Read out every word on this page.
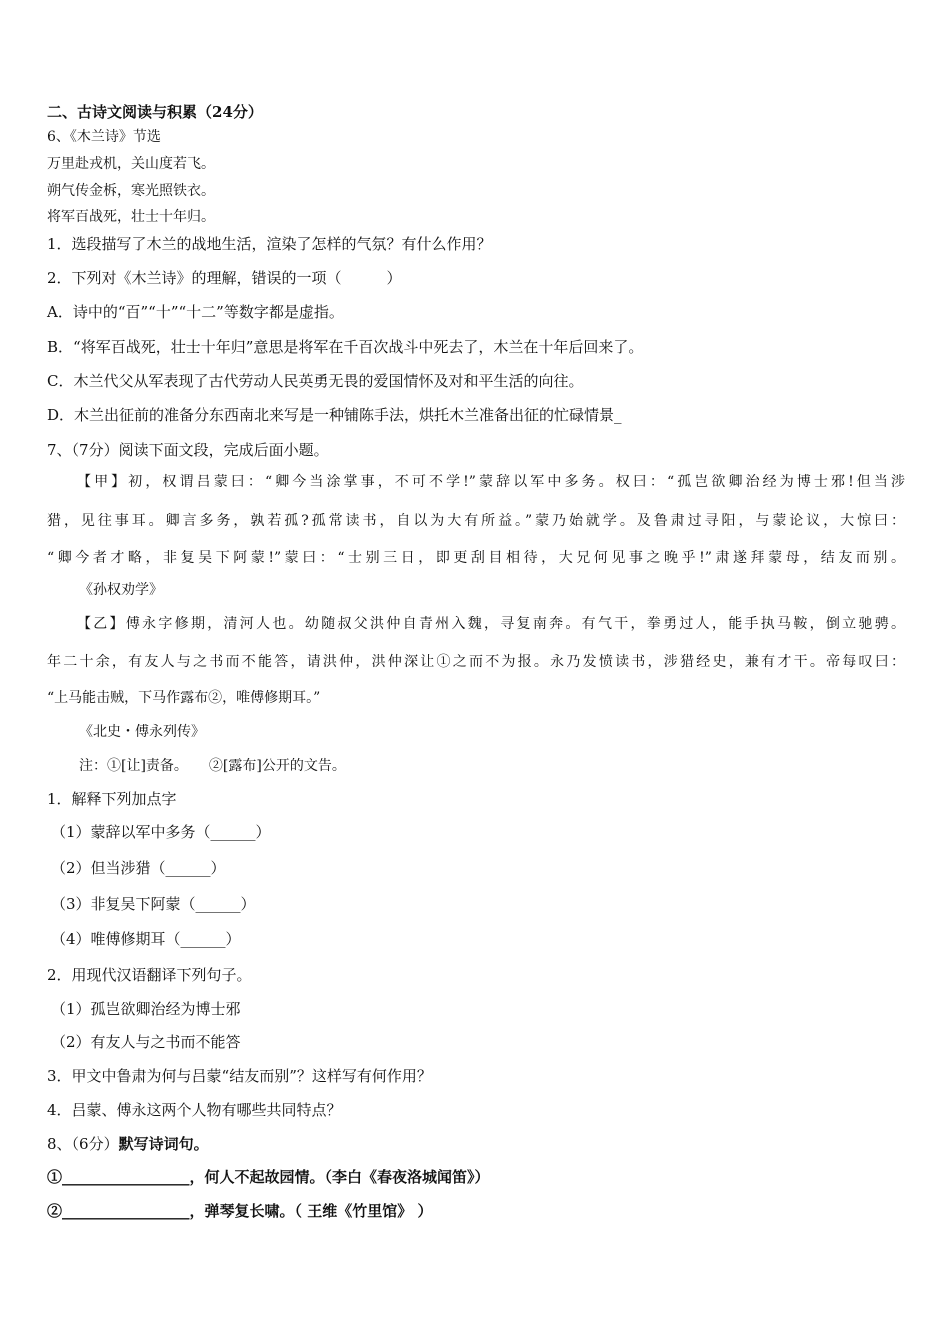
二、古诗文阅读与积累（24分）
6、《木兰诗》节选
万里赴戎机，关山度若飞。
朔气传金柝，寒光照铁衣。
将军百战死，壮士十年归。
1．选段描写了木兰的战地生活，渲染了怎样的气氛？有什么作用？
2．下列对《木兰诗》的理解，错误的一项（　　　）
A．诗中的“百”“十”“十二”等数字都是虚指。
B．“将军百战死，壮士十年归”意思是将军在千百次战斗中死去了，木兰在十年后回来了。
C．木兰代父从军表现了古代劳动人民英勇无畏的爱国情怀及对和平生活的向往。
D．木兰出征前的准备分东西南北来写是一种铺陈手法，烘托木兰准备出征的忙碌情景_
7、（7分）阅读下面文段，完成后面小题。
【甲】初，权谓吕蒙曰：“卿今当涂掌事，不可不学!”蒙辞以军中多务。权曰：“孤岂欲卿治经为博士邪!但当涉
猎，见往事耳。卿言多务，孰若孤?孤常读书，自以为大有所益。”蒙乃始就学。及鲁肃过寻阳，与蒙论议，大惊曰：
“卿今者才略，非复吴下阿蒙!”蒙曰：“士别三日，即更刮目相待，大兄何见事之晚乎!”肃遂拜蒙母，结友而别。
《孙权劝学》
【乙】傅永字修期，清河人也。幼随叔父洪仲自青州入魏，寻复南奔。有气干，拳勇过人，能手执马鞍，倒立驰骋。
年二十余，有友人与之书而不能答，请洪仲，洪仲深让①之而不为报。永乃发愤读书，涉猎经史，兼有才干。帝每叹曰：
“上马能击贼，下马作露布②，唯傅修期耳。”
《北史・傅永列传》
注：①[让]责备。　　②[露布]公开的文告。
1．解释下列加点字
（1）蒙辞以军中多务（______）
（2）但当涉猎（______）
（3）非复吴下阿蒙（______）
（4）唯傅修期耳（______）
2．用现代汉语翻译下列句子。
（1）孤岂欲卿治经为博士邪
（2）有友人与之书而不能答
3．甲文中鲁肃为何与吕蒙“结友而别”？这样写有何作用？
4．吕蒙、傅永这两个人物有哪些共同特点？
8、（6分）默写诗词句。
①_________________，何人不起故园情。（李白《春夜洛城闻笛》）
②_________________，弹琴复长啸。（ 王维《竹里馆》 ）
